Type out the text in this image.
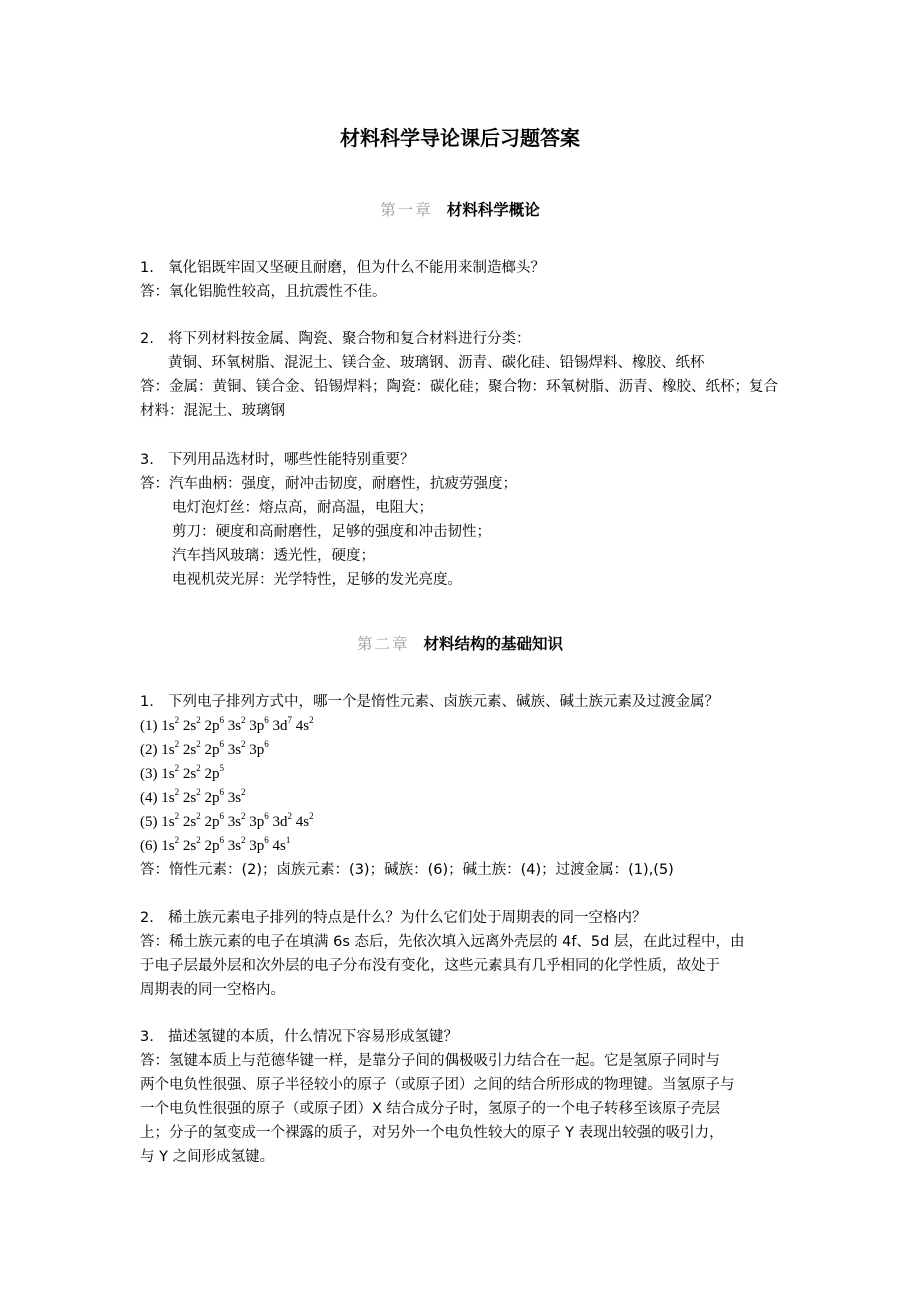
材料科学导论课后习题答案
第一章 材料科学概论
1. 氧化铝既牢固又坚硬且耐磨，但为什么不能用来制造榔头？
答：氧化铝脆性较高，且抗震性不佳。
2. 将下列材料按金属、陶瓷、聚合物和复合材料进行分类：
黄铜、环氧树脂、混泥土、镁合金、玻璃钢、沥青、碳化硅、铅锡焊料、橡胶、纸杯
答：金属：黄铜、镁合金、铅锡焊料；陶瓷：碳化硅；聚合物：环氧树脂、沥青、橡胶、纸杯；复合
材料：混泥土、玻璃钢
3. 下列用品选材时，哪些性能特别重要？
答：汽车曲柄：强度，耐冲击韧度，耐磨性，抗疲劳强度；
电灯泡灯丝：熔点高，耐高温，电阻大；
剪刀：硬度和高耐磨性，足够的强度和冲击韧性；
汽车挡风玻璃：透光性，硬度；
电视机荧光屏：光学特性，足够的发光亮度。
第二章 材料结构的基础知识
1. 下列电子排列方式中，哪一个是惰性元素、卤族元素、碱族、碱土族元素及过渡金属？
(1) $1s^2$ $2s^2$ $2p^6$ $3s^2$ $3p^6$ $3d^7$ $4s^2$
(2) $1s^2$ $2s^2$ $2p^6$ $3s^2$ $3p^6$
(3) $1s^2$ $2s^2$ $2p^5$
(4) $1s^2$ $2s^2$ $2p^6$ $3s^2$
(5) $1s^2$ $2s^2$ $2p^6$ $3s^2$ $3p^6$ $3d^2$ $4s^2$
(6) $1s^2$ $2s^2$ $2p^6$ $3s^2$ $3p^6$ $4s^1$
答：惰性元素：(2)；卤族元素：(3)；碱族：(6)；碱土族：(4)；过渡金属：(1),(5)
2. 稀土族元素电子排列的特点是什么？为什么它们处于周期表的同一空格内？
答：稀土族元素的电子在填满 6s 态后，先依次填入远离外壳层的 4f、5d 层，在此过程中，由
于电子层最外层和次外层的电子分布没有变化，这些元素具有几乎相同的化学性质，故处于
周期表的同一空格内。
3. 描述氢键的本质，什么情况下容易形成氢键？
答：氢键本质上与范德华键一样，是靠分子间的偶极吸引力结合在一起。它是氢原子同时与
两个电负性很强、原子半径较小的原子（或原子团）之间的结合所形成的物理键。当氢原子与
一个电负性很强的原子（或原子团）X 结合成分子时，氢原子的一个电子转移至该原子壳层
上；分子的氢变成一个裸露的质子，对另外一个电负性较大的原子 Y 表现出较强的吸引力，
与 Y 之间形成氢键。
